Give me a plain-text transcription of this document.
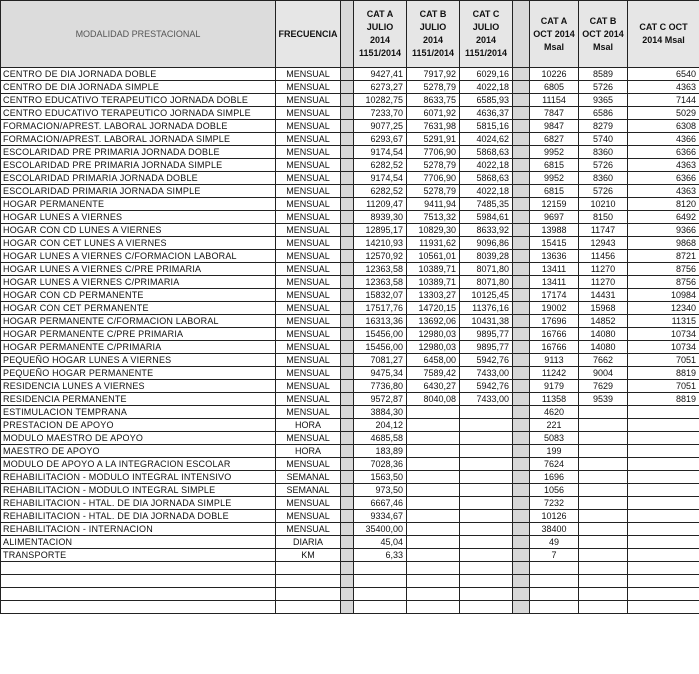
MODALIDAD PRESTACIONAL	FRECUENCIA		CAT A JULIO 2014 1151/2014	CAT B JULIO 2014 1151/2014	CAT C JULIO 2014 1151/2014		CAT A OCT 2014 Msal	CAT B OCT 2014 Msal	CAT C OCT 2014 Msal
CENTRO DE DIA JORNADA DOBLE	MENSUAL		9427,41	7917,92	6029,16		10226	8589	6540
CENTRO DE DIA JORNADA SIMPLE	MENSUAL		6273,27	5278,79	4022,18		6805	5726	4363
CENTRO EDUCATIVO TERAPEUTICO JORNADA DOBLE	MENSUAL		10282,75	8633,75	6585,93		11154	9365	7144
CENTRO EDUCATIVO TERAPEUTICO JORNADA SIMPLE	MENSUAL		7233,70	6071,92	4636,37		7847	6586	5029
FORMACION/APREST. LABORAL JORNADA DOBLE	MENSUAL		9077,25	7631,98	5815,16		9847	8279	6308
FORMACION/APREST. LABORAL JORNADA SIMPLE	MENSUAL		6293,67	5291,91	4024,62		6827	5740	4366
ESCOLARIDAD PRE PRIMARIA JORNADA DOBLE	MENSUAL		9174,54	7706,90	5868,63		9952	8360	6366
ESCOLARIDAD PRE PRIMARIA JORNADA SIMPLE	MENSUAL		6282,52	5278,79	4022,18		6815	5726	4363
ESCOLARIDAD PRIMARIA JORNADA DOBLE	MENSUAL		9174,54	7706,90	5868,63		9952	8360	6366
ESCOLARIDAD PRIMARIA JORNADA SIMPLE	MENSUAL		6282,52	5278,79	4022,18		6815	5726	4363
HOGAR PERMANENTE	MENSUAL		11209,47	9411,94	7485,35		12159	10210	8120
HOGAR LUNES A VIERNES	MENSUAL		8939,30	7513,32	5984,61		9697	8150	6492
HOGAR CON CD LUNES A VIERNES	MENSUAL		12895,17	10829,30	8633,92		13988	11747	9366
HOGAR CON CET LUNES A VIERNES	MENSUAL		14210,93	11931,62	9096,86		15415	12943	9868
HOGAR LUNES A VIERNES C/FORMACION LABORAL	MENSUAL		12570,92	10561,01	8039,28		13636	11456	8721
HOGAR LUNES A VIERNES C/PRE PRIMARIA	MENSUAL		12363,58	10389,71	8071,80		13411	11270	8756
HOGAR LUNES A VIERNES C/PRIMARIA	MENSUAL		12363,58	10389,71	8071,80		13411	11270	8756
HOGAR CON CD PERMANENTE	MENSUAL		15832,07	13303,27	10125,45		17174	14431	10984
HOGAR CON CET PERMANENTE	MENSUAL		17517,76	14720,15	11376,16		19002	15968	12340
HOGAR PERMANENTE C/FORMACION LABORAL	MENSUAL		16313,36	13692,06	10431,38		17696	14852	11315
HOGAR PERMANENTE C/PRE PRIMARIA	MENSUAL		15456,00	12980,03	9895,77		16766	14080	10734
HOGAR PERMANENTE C/PRIMARIA	MENSUAL		15456,00	12980,03	9895,77		16766	14080	10734
PEQUEÑO HOGAR LUNES A VIERNES	MENSUAL		7081,27	6458,00	5942,76		9113	7662	7051
PEQUEÑO HOGAR PERMANENTE	MENSUAL		9475,34	7589,42	7433,00		11242	9004	8819
RESIDENCIA LUNES A VIERNES	MENSUAL		7736,80	6430,27	5942,76		9179	7629	7051
RESIDENCIA PERMANENTE	MENSUAL		9572,87	8040,08	7433,00		11358	9539	8819
ESTIMULACION TEMPRANA	MENSUAL		3884,30				4620		
PRESTACION DE APOYO	HORA		204,12				221		
MODULO MAESTRO DE APOYO	MENSUAL		4685,58				5083		
MAESTRO DE APOYO	HORA		183,89				199		
MODULO DE APOYO A LA INTEGRACION ESCOLAR	MENSUAL		7028,36				7624		
REHABILITACION - MODULO INTEGRAL INTENSIVO	SEMANAL		1563,50				1696		
REHABILITACION - MODULO INTEGRAL SIMPLE	SEMANAL		973,50				1056		
REHABILITACION - HTAL. DE DIA JORNADA SIMPLE	MENSUAL		6667,46				7232		
REHABILITACION - HTAL. DE DIA JORNADA DOBLE	MENSUAL		9334,67				10126		
REHABILITACION - INTERNACION	MENSUAL		35400,00				38400		
ALIMENTACION	DIARIA		45,04				49		
TRANSPORTE	KM		6,33				7		
